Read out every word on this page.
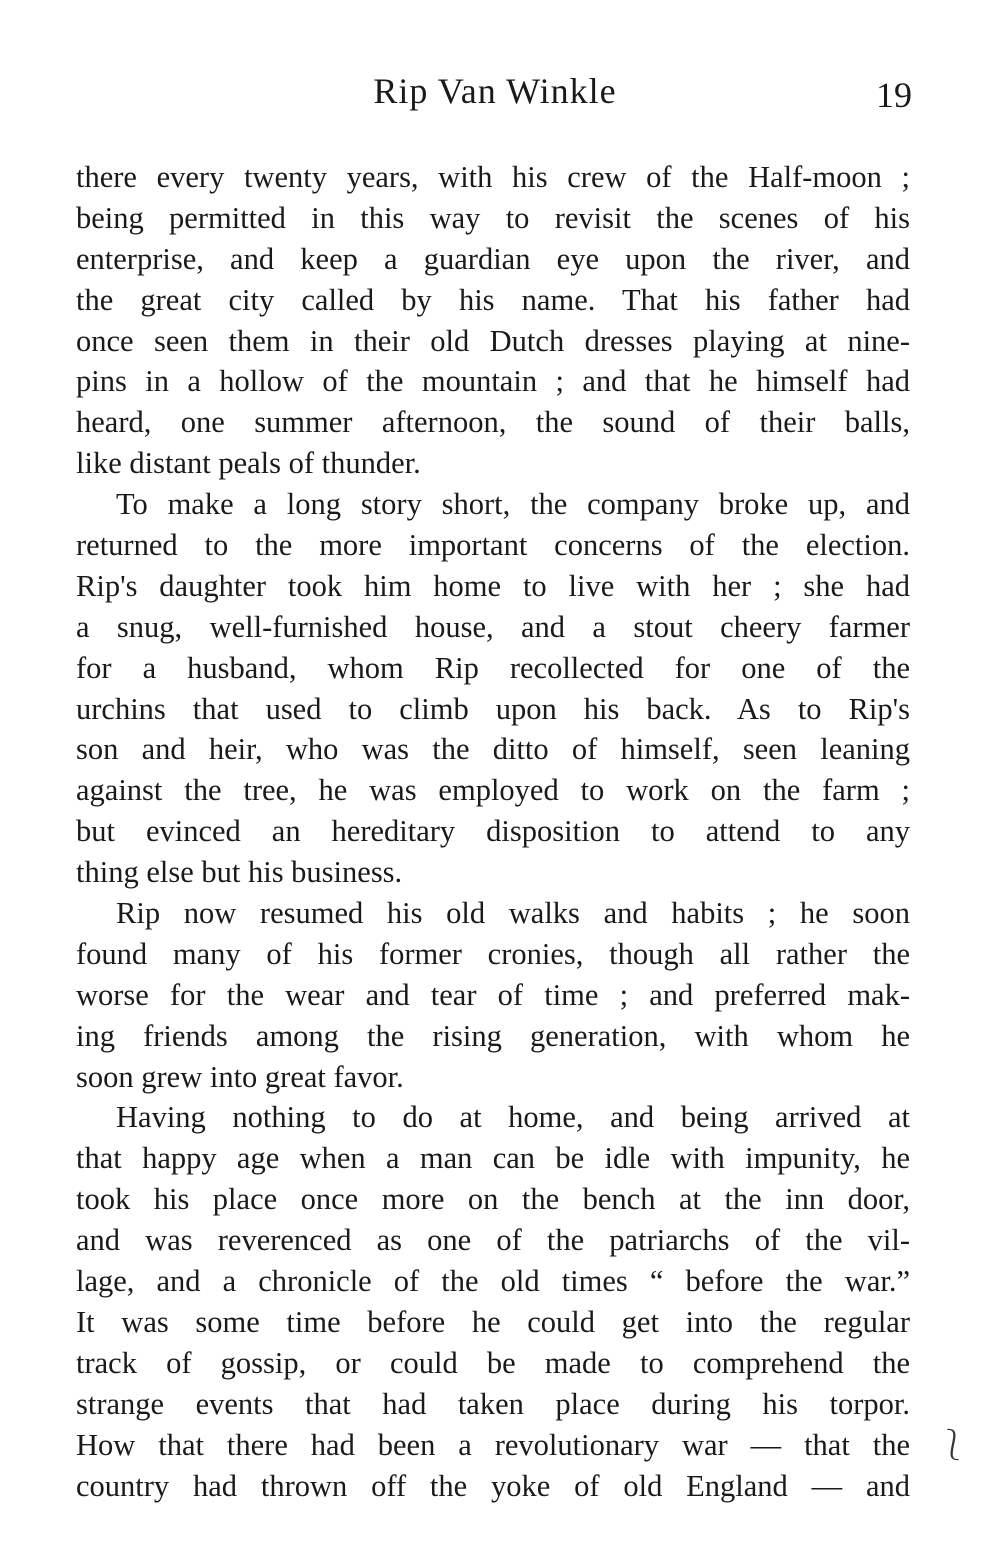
Rip Van Winkle	19
there every twenty years, with his crew of the Half-moon ;
being permitted in this way to revisit the scenes of his
enterprise, and keep a guardian eye upon the river, and
the great city called by his name. That his father had
once seen them in their old Dutch dresses playing at nine-
pins in a hollow of the mountain ; and that he himself had
heard, one summer afternoon, the sound of their balls,
like distant peals of thunder.
To make a long story short, the company broke up, and
returned to the more important concerns of the election.
Rip's daughter took him home to live with her ; she had
a snug, well-furnished house, and a stout cheery farmer
for a husband, whom Rip recollected for one of the
urchins that used to climb upon his back. As to Rip's
son and heir, who was the ditto of himself, seen leaning
against the tree, he was employed to work on the farm ;
but evinced an hereditary disposition to attend to any
thing else but his business.
Rip now resumed his old walks and habits ; he soon
found many of his former cronies, though all rather the
worse for the wear and tear of time ; and preferred mak-
ing friends among the rising generation, with whom he
soon grew into great favor.
Having nothing to do at home, and being arrived at
that happy age when a man can be idle with impunity, he
took his place once more on the bench at the inn door,
and was reverenced as one of the patriarchs of the vil-
lage, and a chronicle of the old times “ before the war.”
It was some time before he could get into the regular
track of gossip, or could be made to comprehend the
strange events that had taken place during his torpor.
How that there had been a revolutionary war — that the
country had thrown off the yoke of old England — and
⎱
